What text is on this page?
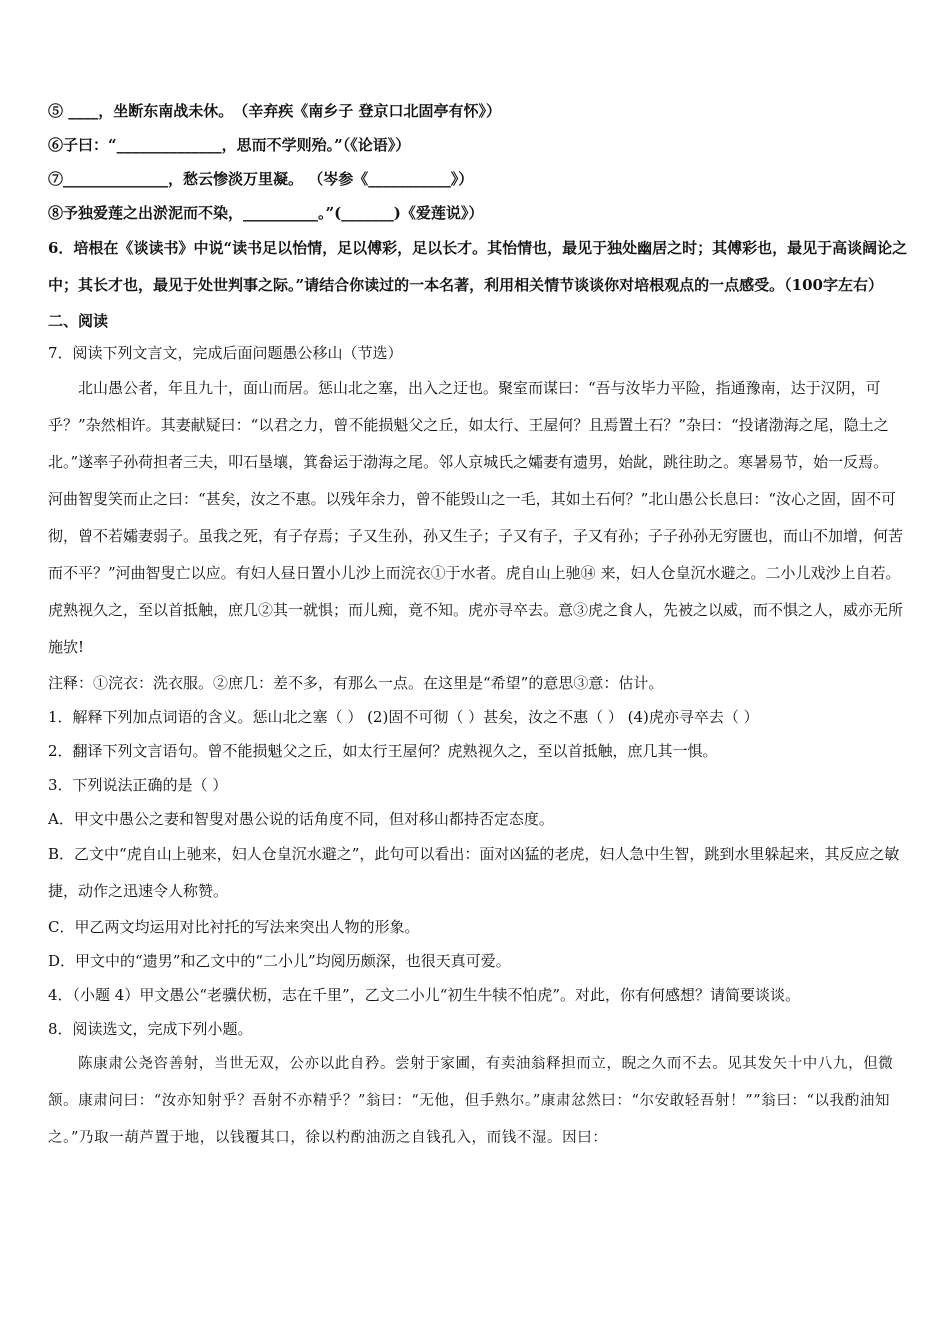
⑤ ____，坐断东南战未休。　（辛弃疾《南乡子 登京口北固亭有怀》）
⑥子曰：“______________，思而不学则殆。”（《论语》）
⑦______________，愁云惨淡万里凝。 （岑参《___________》）
⑧予独爱莲之出淤泥而不染，__________。”(_______)《爱莲说》）
6．培根在《谈读书》中说“读书足以怡情，足以傅彩，足以长才。其怡情也，最见于独处幽居之时；其傅彩也，最见于高谈阔论之中；其长才也，最见于处世判事之际。”请结合你读过的一本名著，利用相关情节谈谈你对培根观点的一点感受。（100字左右）
二、阅读
7．阅读下列文言文，完成后面问题愚公移山（节选）
北山愚公者，年且九十，面山而居。惩山北之塞，出入之迂也。聚室而谋曰：“吾与汝毕力平险，指通豫南，达于汉阴，可乎？”杂然相许。其妻献疑曰：“以君之力，曾不能损魁父之丘，如太行、王屋何？且焉置土石？”杂曰：“投诸渤海之尾，隐土之北。”遂率子孙荷担者三夫，叩石垦壤，箕畚运于渤海之尾。邻人京城氏之孀妻有遗男，始龀，跳往助之。寒暑易节，始一反焉。
河曲智叟笑而止之曰：“甚矣，汝之不惠。以残年余力，曾不能毁山之一毛，其如土石何？”北山愚公长息曰：“汝心之固，固不可彻，曾不若孀妻弱子。虽我之死，有子存焉；子又生孙，孙又生子；子又有子，子又有孙；子子孙孙无穷匮也，而山不加增，何苦而不平？”河曲智叟亡以应。有妇人昼日置小儿沙上而浣衣①于水者。虎自山上驰⑭ 来，妇人仓皇沉水避之。二小儿戏沙上自若。虎熟视久之，至以首抵触，庶几②其一就惧；而儿痴，竟不知。虎亦寻卒去。意③虎之食人，先被之以威，而不惧之人，威亦无所施欤!
注释：①浣衣：洗衣服。②庶几：差不多，有那么一点。在这里是“希望”的意思③意：估计。
1．解释下列加点词语的含义。惩山北之塞（ ） (2)固不可彻（ ）甚矣，汝之不惠（ ） (4)虎亦寻卒去（ ）
2．翻译下列文言语句。曾不能损魁父之丘，如太行王屋何？虎熟视久之，至以首抵触，庶几其一惧。
3．下列说法正确的是（ ）
A．甲文中愚公之妻和智叟对愚公说的话角度不同，但对移山都持否定态度。
B．乙文中“虎自山上驰来，妇人仓皇沉水避之”，此句可以看出：面对凶猛的老虎，妇人急中生智，跳到水里躲起来，其反应之敏捷，动作之迅速令人称赞。
C．甲乙两文均运用对比衬托的写法来突出人物的形象。
D．甲文中的“遗男”和乙文中的“二小儿”均阅历颇深，也很天真可爱。
4．（小题 4）甲文愚公“老骥伏枥，志在千里”，乙文二小儿“初生牛犊不怕虎”。对此，你有何感想？请简要谈谈。
8．阅读选文，完成下列小题。
陈康肃公尧咨善射，当世无双，公亦以此自矜。尝射于家圃，有卖油翁释担而立，睨之久而不去。见其发矢十中八九，但微颔。康肃问曰：“汝亦知射乎？吾射不亦精乎？”翁曰：“无他，但手熟尔。”康肃忿然曰：“尔安敢轻吾射！””翁曰：“以我酌油知之。”乃取一葫芦置于地，以钱覆其口，徐以杓酌油沥之自钱孔入，而钱不湿。因曰：
